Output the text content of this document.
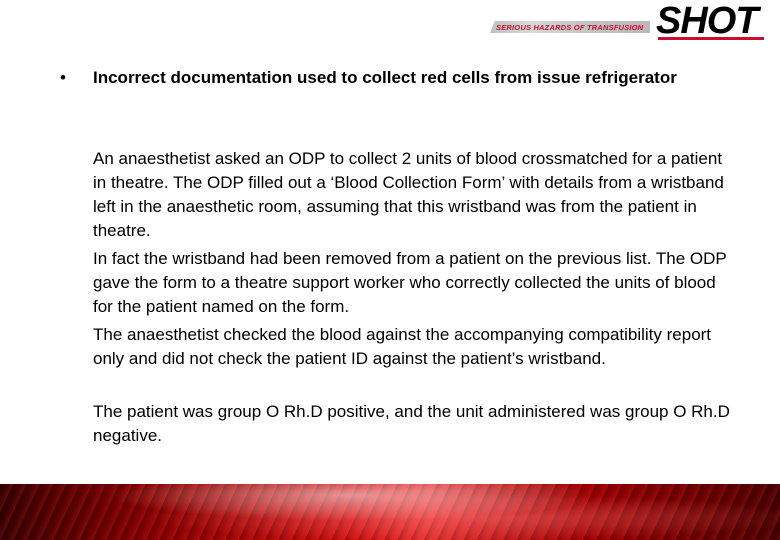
SERIOUS HAZARDS OF TRANSFUSION SHOT
•	Incorrect documentation used to collect red cells from issue refrigerator
An anaesthetist asked an ODP to collect 2 units of blood crossmatched for a patient in theatre. The ODP filled out a ‘Blood Collection Form’ with details from a wristband left in the anaesthetic room, assuming that this wristband was from the patient in theatre.
In fact the wristband had been removed from a patient on the previous list. The ODP gave the form to a theatre support worker who correctly collected the units of blood for the patient named on the form.
The anaesthetist checked the blood against the accompanying compatibility report only and did not check the patient ID against the patient’s wristband.
The patient was group O Rh.D positive, and the unit administered was group O Rh.D negative.
